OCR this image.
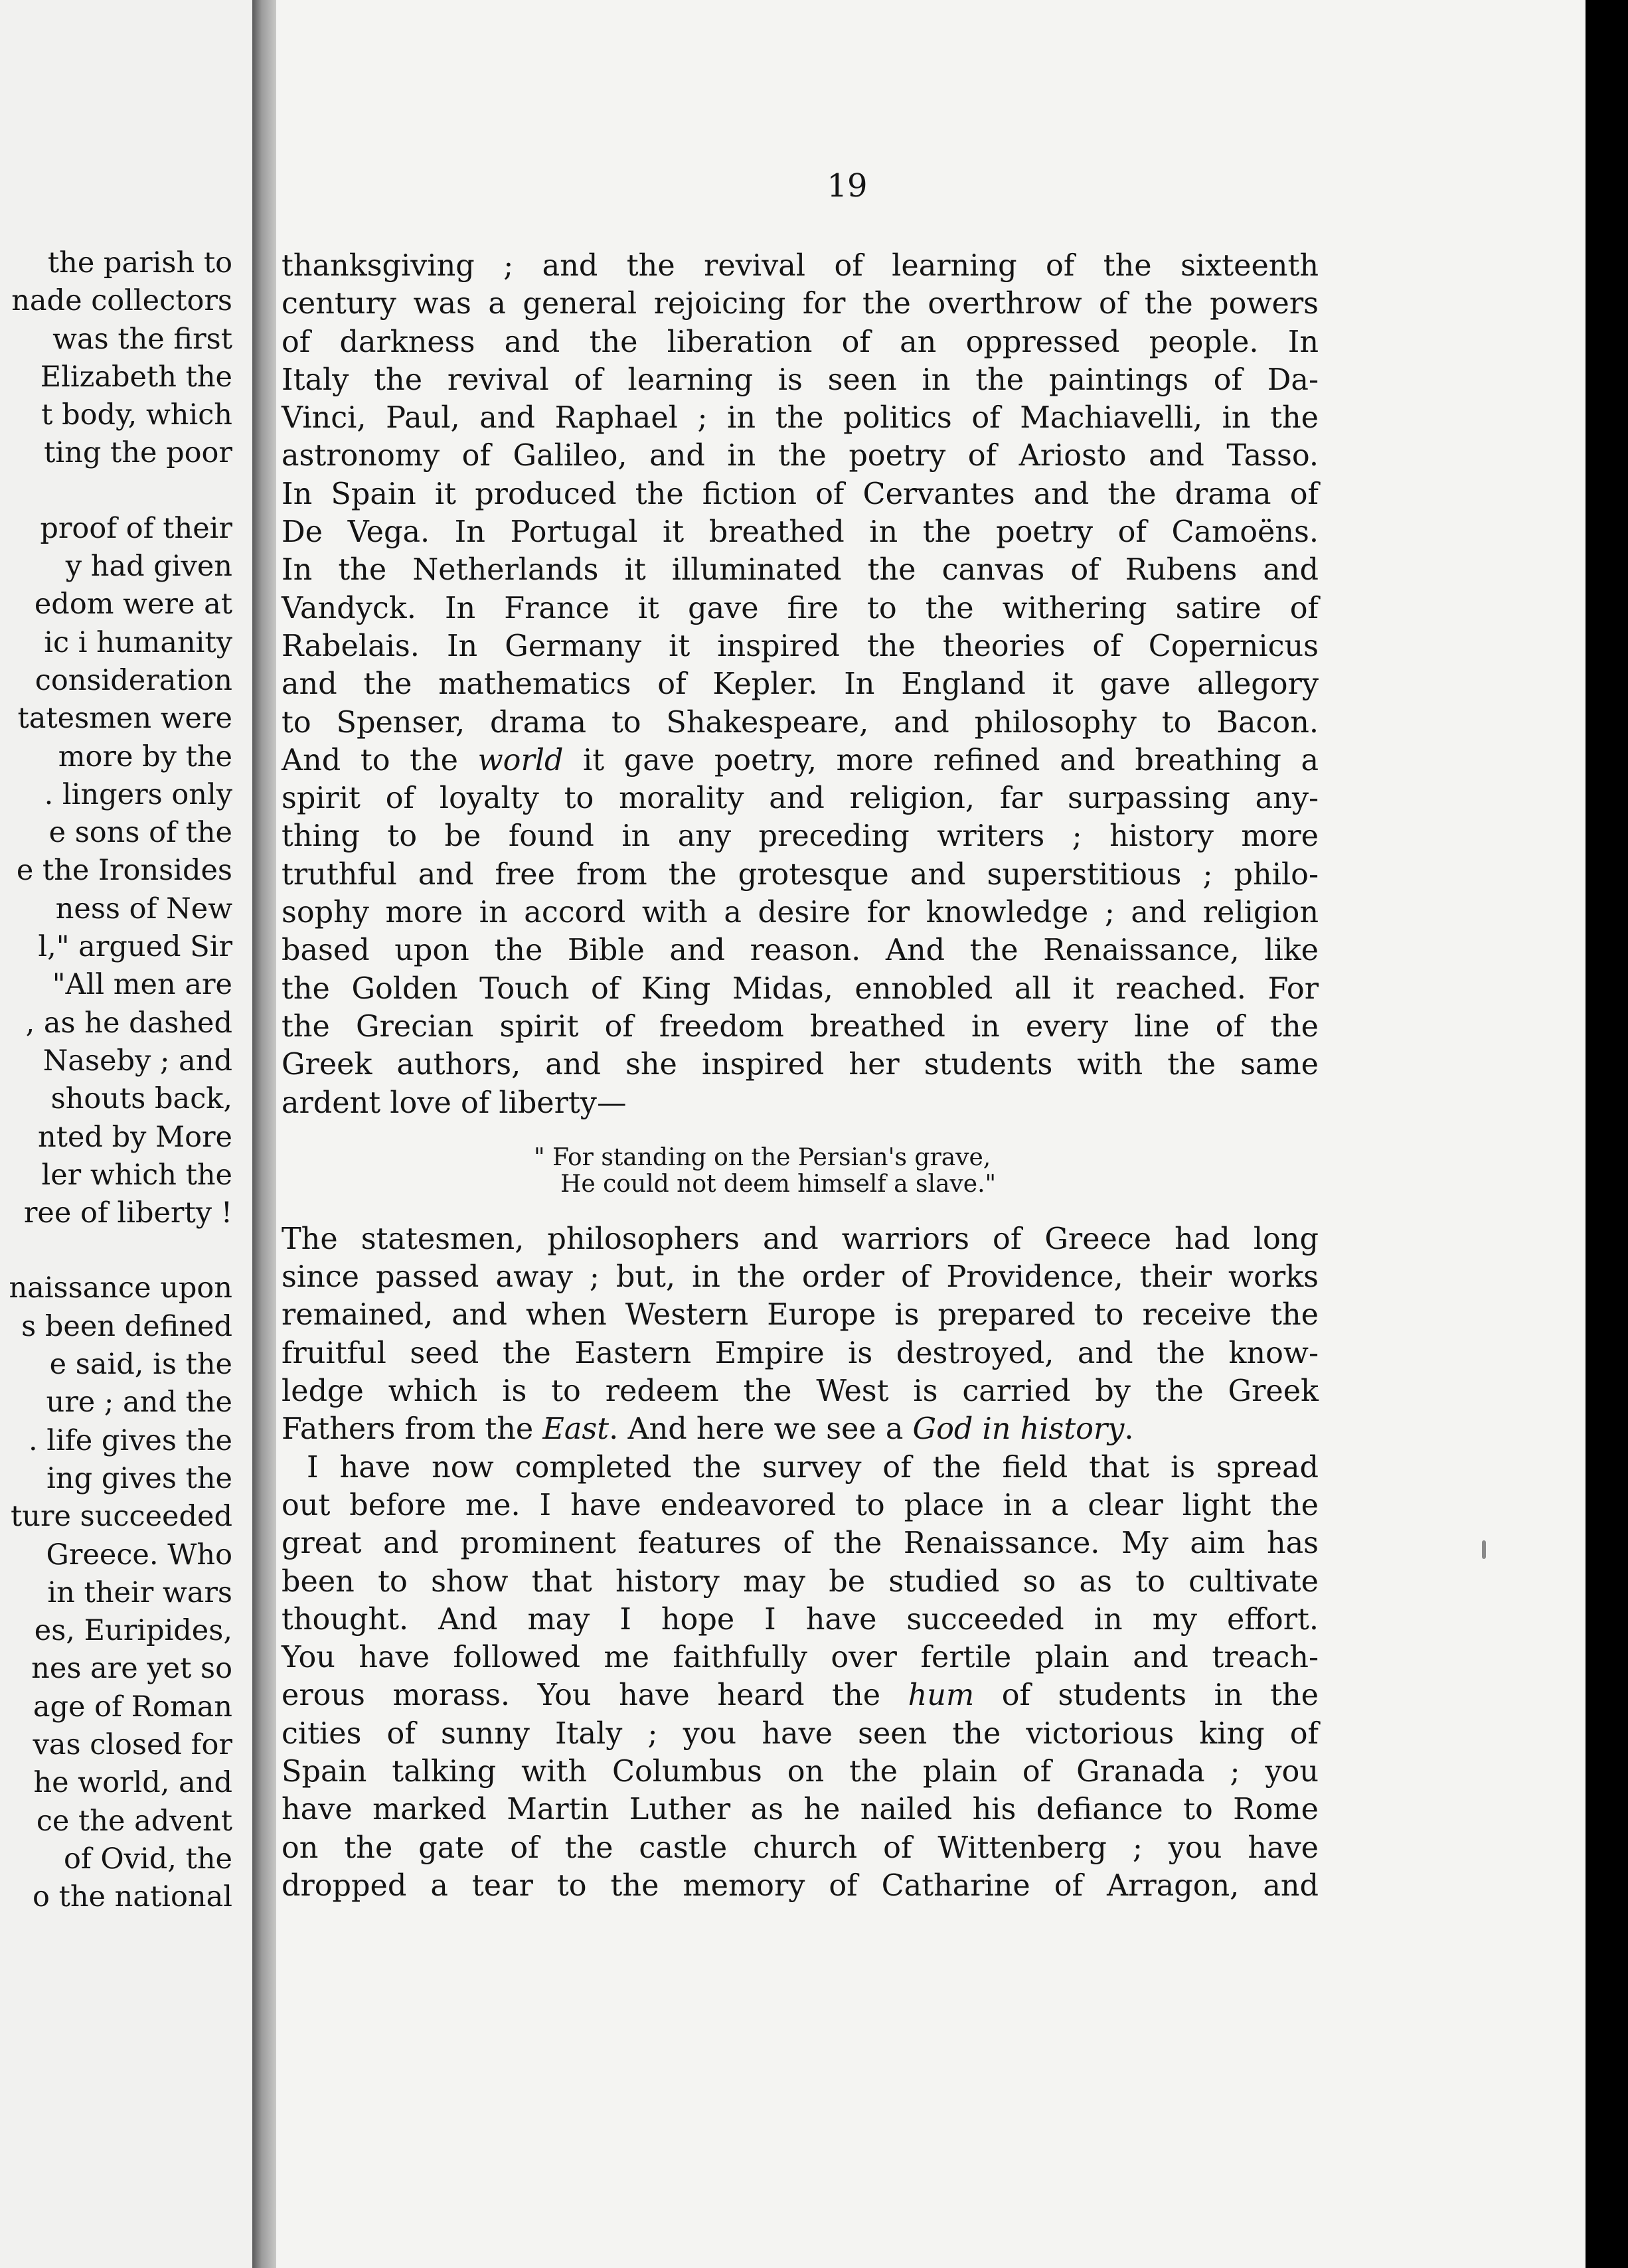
the parish to
nade collectors
was the first
Elizabeth the
t body, which
ting the poor
proof of their
y had given
edom were at
ic i humanity
consideration
tatesmen were
more by the
. lingers only
e sons of the
e the Ironsides
ness of New
l," argued Sir
"All men are
, as he dashed
Naseby ; and
shouts back,
nted by More
ler which the
ree of liberty !
naissance upon
s been defined
e said, is the
ure ; and the
. life gives the
ing gives the
ture succeeded
Greece. Who
in their wars
es, Euripides,
nes are yet so
age of Roman
vas closed for
he world, and
ce the advent
of Ovid, the
o the national
19
thanksgiving ; and the revival of learning of the sixteenth
century was a general rejoicing for the overthrow of the powers
of darkness and the liberation of an oppressed people. In
Italy the revival of learning is seen in the paintings of Da-
Vinci, Paul, and Raphael ; in the politics of Machiavelli, in the
astronomy of Galileo, and in the poetry of Ariosto and Tasso.
In Spain it produced the fiction of Cervantes and the drama of
De Vega. In Portugal it breathed in the poetry of Camoëns.
In the Netherlands it illuminated the canvas of Rubens and
Vandyck. In France it gave fire to the withering satire of
Rabelais. In Germany it inspired the theories of Copernicus
and the mathematics of Kepler. In England it gave allegory
to Spenser, drama to Shakespeare, and philosophy to Bacon.
And to the world it gave poetry, more refined and breathing a
spirit of loyalty to morality and religion, far surpassing any-
thing to be found in any preceding writers ; history more
truthful and free from the grotesque and superstitious ; philo-
sophy more in accord with a desire for knowledge ; and religion
based upon the Bible and reason. And the Renaissance, like
the Golden Touch of King Midas, ennobled all it reached. For
the Grecian spirit of freedom breathed in every line of the
Greek authors, and she inspired her students with the same
ardent love of liberty—
" For standing on the Persian's grave,
He could not deem himself a slave."
The statesmen, philosophers and warriors of Greece had long
since passed away ; but, in the order of Providence, their works
remained, and when Western Europe is prepared to receive the
fruitful seed the Eastern Empire is destroyed, and the know-
ledge which is to redeem the West is carried by the Greek
Fathers from the East. And here we see a God in history.
I have now completed the survey of the field that is spread
out before me. I have endeavored to place in a clear light the
great and prominent features of the Renaissance. My aim has
been to show that history may be studied so as to cultivate
thought. And may I hope I have succeeded in my effort.
You have followed me faithfully over fertile plain and treach-
erous morass. You have heard the hum of students in the
cities of sunny Italy ; you have seen the victorious king of
Spain talking with Columbus on the plain of Granada ; you
have marked Martin Luther as he nailed his defiance to Rome
on the gate of the castle church of Wittenberg ; you have
dropped a tear to the memory of Catharine of Arragon, and
